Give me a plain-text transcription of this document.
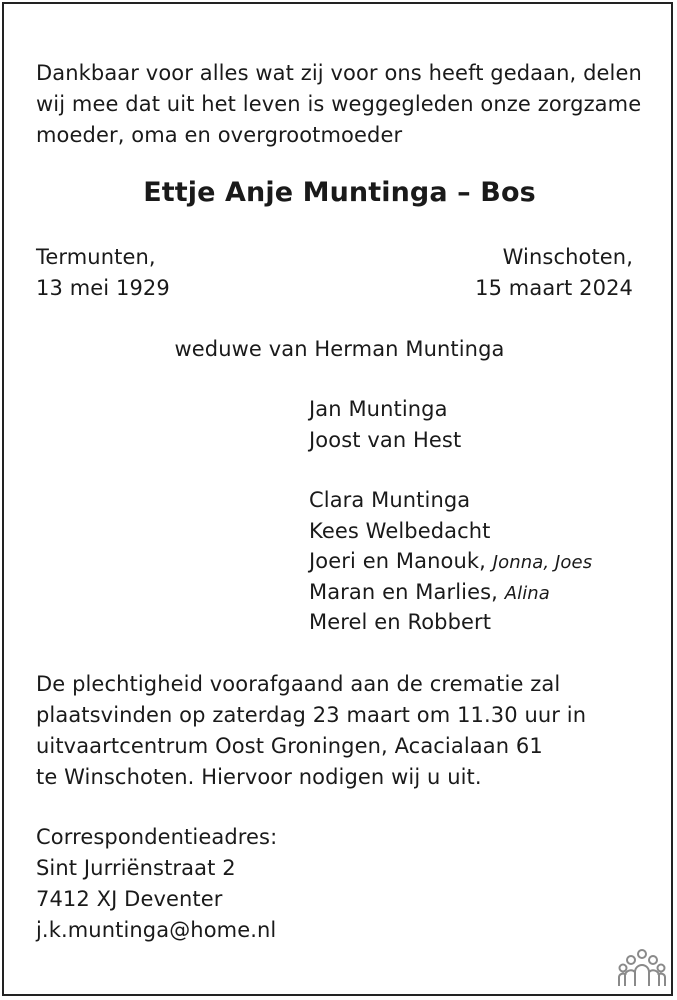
Dankbaar voor alles wat zij voor ons heeft gedaan, delen
wij mee dat uit het leven is weggegleden onze zorgzame
moeder, oma en overgrootmoeder
Ettje Anje Muntinga – Bos
Termunten,
13 mei 1929
Winschoten,
15 maart 2024
weduwe van Herman Muntinga
Jan Muntinga
Joost van Hest
Clara Muntinga
Kees Welbedacht
Joeri en Manouk, Jonna, Joes
Maran en Marlies, Alina
Merel en Robbert
De plechtigheid voorafgaand aan de crematie zal
plaatsvinden op zaterdag 23 maart om 11.30 uur in
uitvaartcentrum Oost Groningen, Acacialaan 61
te Winschoten. Hiervoor nodigen wij u uit.
Correspondentieadres:
Sint Jurriënstraat 2
7412 XJ Deventer
j.k.muntinga@home.nl
